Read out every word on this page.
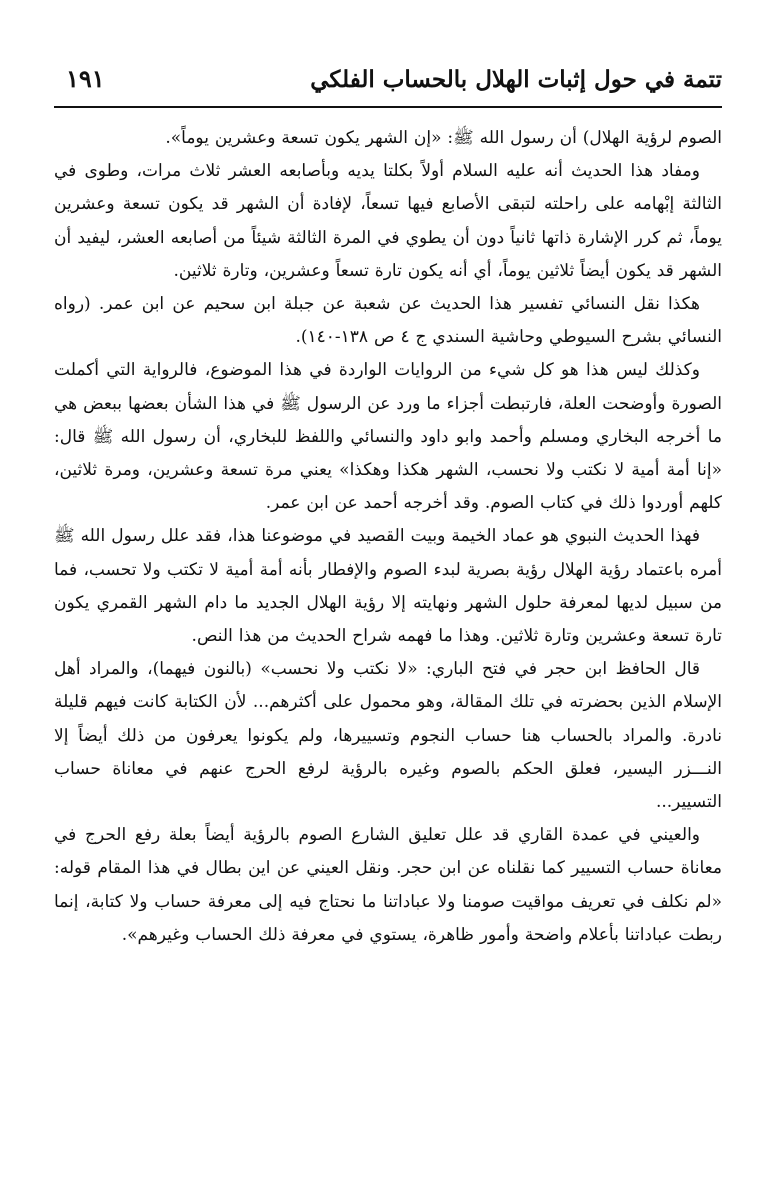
تتمة في حول إثبات الهلال بالحساب الفلكي
١٩١

الصوم لرؤية الهلال) أن رسول الله ﷺ: «إن الشهر يكون تسعة وعشرين يوماً».

ومفاد هذا الحديث أنه عليه السلام أولاً بكلتا يديه وبأصابعه العشر ثلاث مرات، وطوى في الثالثة إبْهامه على راحلته لتبقى الأصابع فيها تسعاً، لإفادة أن الشهر قد يكون تسعة وعشرين يوماً، ثم كرر الإشارة ذاتها ثانياً دون أن يطوي في المرة الثالثة شيئاً من أصابعه العشر، ليفيد أن الشهر قد يكون أيضاً ثلاثين يوماً، أي أنه يكون تارة تسعاً وعشرين، وتارة ثلاثين.

هكذا نقل النسائي تفسير هذا الحديث عن شعبة عن جبلة ابن سحيم عن ابن عمر. (رواه النسائي بشرح السيوطي وحاشية السندي ج ٤ ص ١٣٨-١٤٠).

وكذلك ليس هذا هو كل شيء من الروايات الواردة في هذا الموضوع، فالرواية التي أكملت الصورة وأوضحت العلة، فارتبطت أجزاء ما ورد عن الرسول ﷺ في هذا الشأن بعضها ببعض هي ما أخرجه البخاري ومسلم وأحمد وابو داود والنسائي واللفظ للبخاري، أن رسول الله ﷺ قال: «إنا أمة أمية لا نكتب ولا نحسب، الشهر هكذا وهكذا» يعني مرة تسعة وعشرين، ومرة ثلاثين، كلهم أوردوا ذلك في كتاب الصوم. وقد أخرجه أحمد عن ابن عمر.

فهذا الحديث النبوي هو عماد الخيمة وبيت القصيد في موضوعنا هذا، فقد علل رسول الله ﷺ أمره باعتماد رؤية الهلال رؤية بصرية لبدء الصوم والإفطار بأنه أمة أمية لا تكتب ولا تحسب، فما من سبيل لديها لمعرفة حلول الشهر ونهايته إلا رؤية الهلال الجديد ما دام الشهر القمري يكون تارة تسعة وعشرين وتارة ثلاثين. وهذا ما فهمه شراح الحديث من هذا النص.

قال الحافظ ابن حجر في فتح الباري: «لا نكتب ولا نحسب» (بالنون فيهما)، والمراد أهل الإسلام الذين بحضرته في تلك المقالة، وهو محمول على أكثرهم... لأن الكتابة كانت فيهم قليلة نادرة. والمراد بالحساب هنا حساب النجوم وتسييرها، ولم يكونوا يعرفون من ذلك أيضاً إلا النـــزر اليسير، فعلق الحكم بالصوم وغيره بالرؤية لرفع الحرج عنهم في معاناة حساب التسيير...

والعيني في عمدة القاري قد علل تعليق الشارع الصوم بالرؤية أيضاً بعلة رفع الحرج في معاناة حساب التسيير كما نقلناه عن ابن حجر. ونقل العيني عن اين بطال في هذا المقام قوله: «لم نكلف في تعريف مواقيت صومنا ولا عباداتنا ما نحتاج فيه إلى معرفة حساب ولا كتابة، إنما ربطت عباداتنا بأعلام واضحة وأمور ظاهرة، يستوي في معرفة ذلك الحساب وغيرهم».
